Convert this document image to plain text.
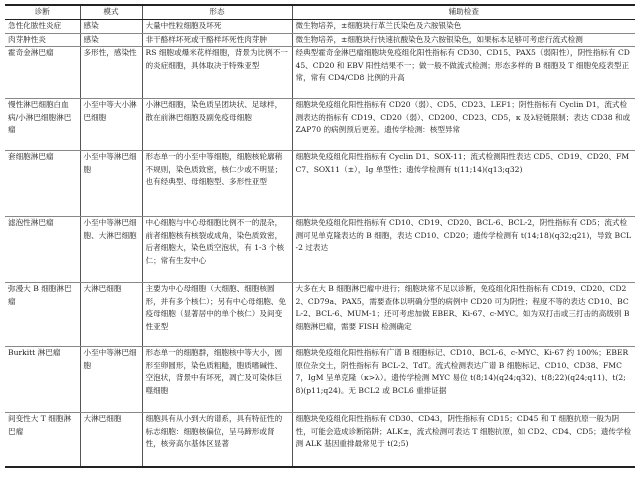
诊断	模式	形态	辅助检查
急性化脓性炎症	感染	大量中性粒细胞及坏死	微生物培养，±细胞块行革兰氏染色及六胺银染色
肉芽肿性炎	感染	非干酪样坏死或干酪样坏死性肉芽肿	微生物培养，±细胞块行快速抗酸染色及六胺银染色，如果标本足够可考虑行流式检测
霍奇金淋巴瘤	多形性，感染性	RS 细胞或爆米花样细胞，背景为比例不一的炎症细胞，具体取决于特殊亚型	经典型霍奇金淋巴瘤细胞块免疫组化阳性指标有 CD30、CD15、PAX5（弱阳性），阴性指标有 CD45、CD20 和 EBV 阳性结果不一；做一般不做流式检测；形态多样的 B 细胞及 T 细胞免疫表型正常，常有 CD4/CD8 比例的升高
慢性淋巴细胞白血病/小淋巴细胞淋巴瘤	小至中等大小淋巴细胞	小淋巴细胞，染色质呈团块状、足球样，散在前淋巴细胞及副免疫母细胞	细胞块免疫组化阳性指标有 CD20（弱）、CD5、CD23、LEF1；阴性指标有 Cyclin D1，流式检测表达的指标有 CD19、CD20（弱）、CD200、CD23、CD5，κ 及λ轻链限制；表达 CD38 和或 ZAP70 的病例预后更差。遗传学检测：核型异常
套细胞淋巴瘤	小至中等淋巴细胞	形态单一的小至中等细胞，细胞核轮廓稍不规则，染色质致密，核仁少或不明显；也有经典型、母细胞型、多形性亚型	细胞块免疫组化阳性指标有 Cyclin D1、SOX-11；流式检测阳性表达 CD5、CD19、CD20、FMC7、SOX11（±），Ig 单型性；遗传学检测有 t(11;14)(q13;q32)
滤泡性淋巴瘤	小至中等淋巴细胞、大淋巴细胞	中心细胞与中心母细胞比例不一的混杂，前者细胞核有核裂或成角，染色质致密，后者细胞大，染色质空泡状，有 1-3 个核仁；常有生发中心	细胞块免疫组化阳性指标有 CD10、CD19、CD20、BCL-6、BCL-2，阴性指标有 CD5；流式检测可见单克隆表达的 B 细胞，表达 CD10、CD20；遗传学检测有 t(14;18)(q32;q21)，导致 BCL-2 过表达
弥漫大 B 细胞淋巴瘤	大淋巴细胞	主要为中心母细胞（大细胞、细胞核圆形，并有多个核仁）；另有中心母细胞、免疫母细胞（显著居中的单个核仁）及间变性亚型	大多在大 B 细胞淋巴瘤中进行；细胞块常不足以诊断，免疫组化阳性指标有 CD19、CD20、CD22、CD79a、PAX5，需要查体以明确分型的病例中 CD20 可为阴性；程度不等的表达 CD10、BCL-2、BCL-6、MUM-1；还可考虑加做 EBER、Ki-67、c-MYC。如为双打击或三打击的高级别 B 细胞淋巴瘤，需要 FISH 检测确定
Burkitt 淋巴瘤	小至中等淋巴细胞	形态单一的细胞群，细胞核中等大小，圆形至卵圆形，染色质粗糙，胞质嗜碱性、空泡状，背景中有坏死，凋亡及可染体巨噬细胞	细胞块免疫组化阳性指标有广谱 B 细胞标记、CD10、BCL-6、c-MYC、Ki-67 约 100%；EBER 原位杂交土，阴性指标有 BCL-2、TdT。流式检测表达广谱 B 细胞标记、CD10、CD38、FMC7，IgM 呈单克隆（κ>λ）。遗传学检测 MYC 易位 t(8;14)(q24;q32)、t(8;22)(q24;q11)、t(2;8)(p11;q24)。无 BCL2 或 BCL6 重排证据
间变性大 T 细胞淋巴瘤	大淋巴细胞	细胞具有从小到大的谱系，具有特征性的标志细胞：细胞核偏位，呈马蹄形或肾性，核旁高尔基体区显著	细胞块免疫组化阳性指标有 CD30、CD43，阴性指标有 CD15；CD45 和 T 细胞抗原一般为阴性，可能会造成诊断陷阱；ALK±，流式检测可表达 T 细胞抗原，如 CD2、CD4、CD5；遗传学检测 ALK 基因重排最常见于 t(2;5)
